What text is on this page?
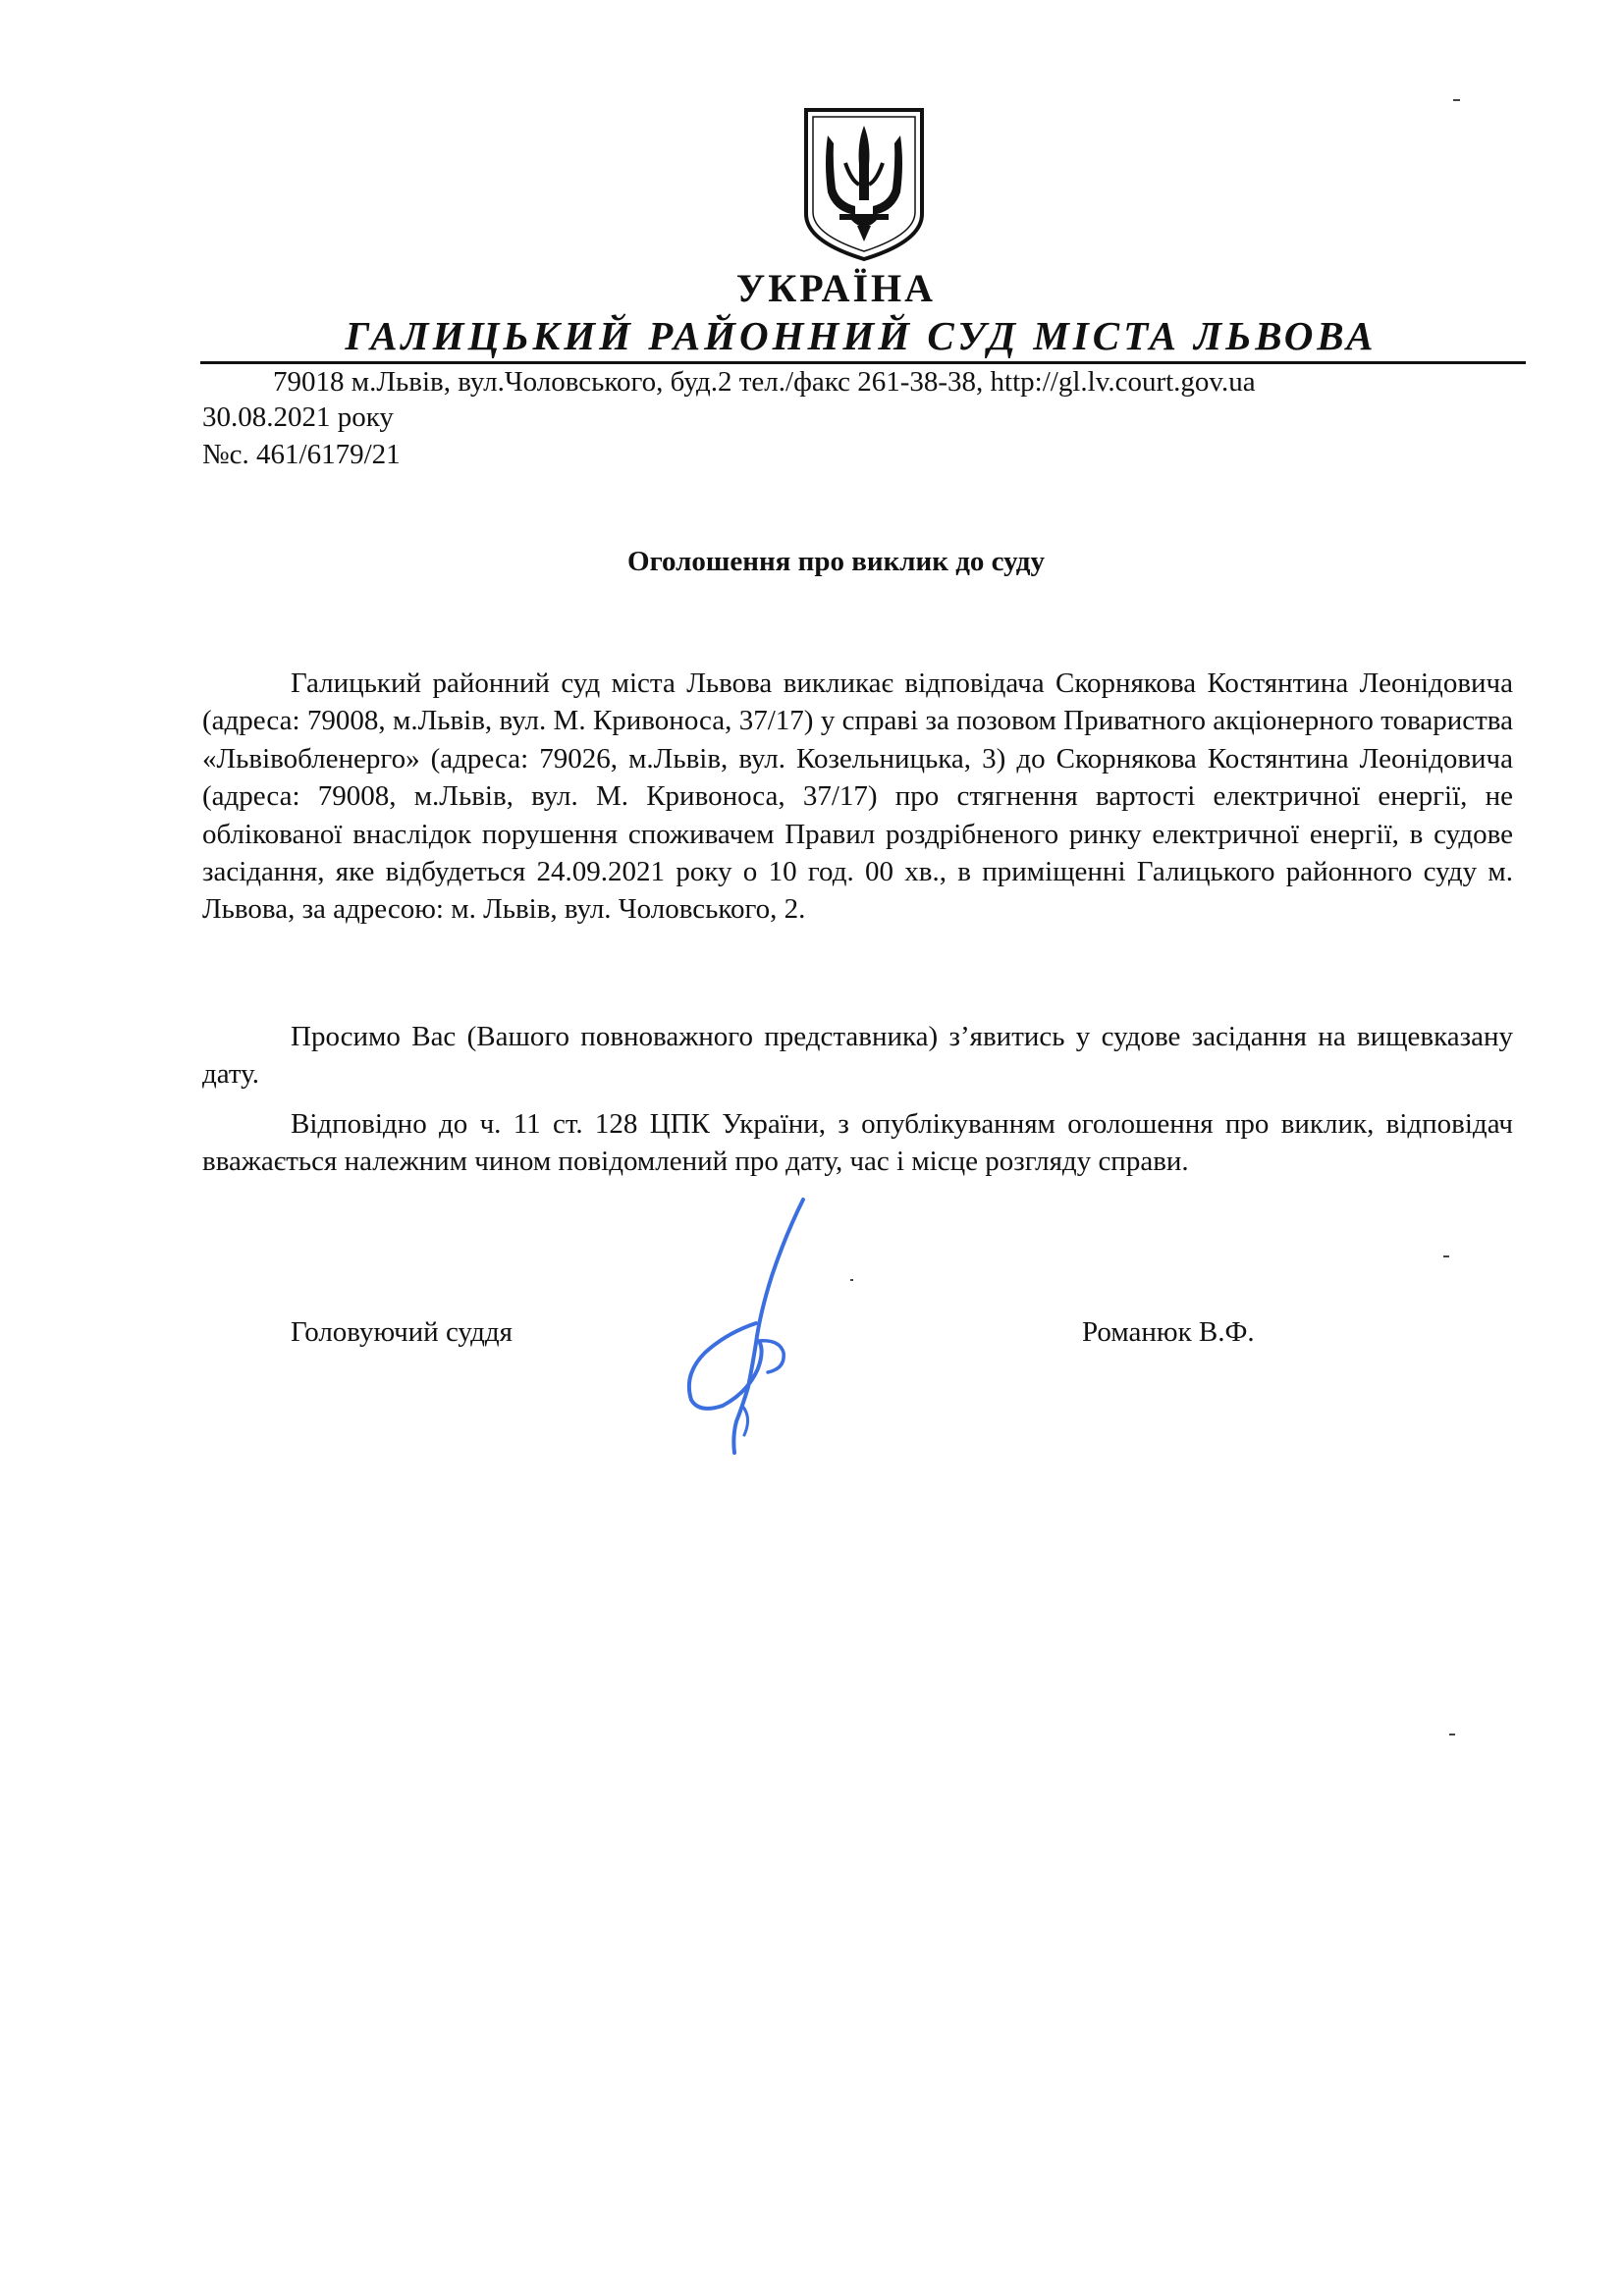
УКРАЇНА
ГАЛИЦЬКИЙ РАЙОННИЙ СУД МІСТА ЛЬВОВА
79018 м.Львів, вул.Чоловського, буд.2 тел./факс 261-38-38, http://gl.lv.court.gov.ua
30.08.2021 року
№с. 461/6179/21
Оголошення про виклик до суду
Галицький районний суд міста Львова викликає відповідача Скорнякова Костянтина Леонідовича (адреса: 79008, м.Львів, вул. М. Кривоноса, 37/17) у справі за позовом Приватного акціонерного товариства «Львівобленерго» (адреса: 79026, м.Львів, вул. Козельницька, 3) до Скорнякова Костянтина Леонідовича (адреса: 79008, м.Львів, вул. М. Кривоноса, 37/17) про стягнення вартості електричної енергії, не облікованої внаслідок порушення споживачем Правил роздрібненого ринку електричної енергії, в судове засідання, яке відбудеться 24.09.2021 року о 10 год. 00 хв., в приміщенні Галицького районного суду м. Львова, за адресою: м. Львів, вул. Чоловського, 2.
Просимо Вас (Вашого повноважного представника) з’явитись у судове засідання на вищевказану дату.
Відповідно до ч. 11 ст. 128 ЦПК України, з опублікуванням оголошення про виклик, відповідач вважається належним чином повідомлений про дату, час і місце розгляду справи.
Головуючий суддя	Романюк В.Ф.
